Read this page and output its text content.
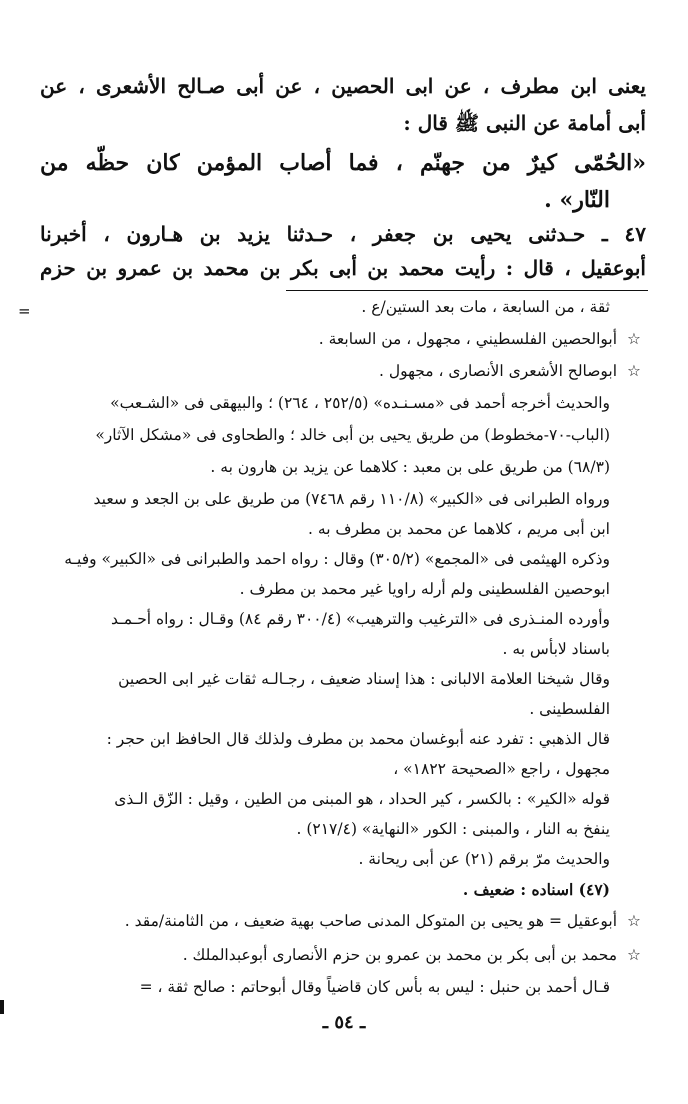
يعنى ابن مطرف ، عن ابى الحصين ، عن أبى صـالح الأشعرى ، عن
أبى أمامة عن النبى ﷺ قال :
«الحُمّى كيرٌ من جهنّم ، فما أصاب المؤمن كان حظّه من
النّار» .
٤٧ ـ حـدثنى يحيى بن جعفر ، حـدثنا يزيد بن هـارون ، أخبرنا
أبوعقيل ، قال : رأيت محمد بن أبى بكر بن محمد بن عمرو بن حزم
=	ثقة ، من السابعة ، مات بعد الستين/ع .
☆ أبوالحصين الفلسطيني ، مجهول ، من السابعة .
☆ ابوصالح الأشعرى الأنصارى ، مجهول .
والحديث أخرجه أحمد فى «مسـنـده» (٢٥٢/٥ ، ٢٦٤) ؛ والبيهقى فى «الشـعب»
(الباب-٧٠-مخطوط) من طريق يحيى بن أبى خالد ؛ والطحاوى فى «مشكل الآثار»
(٦٨/٣) من طريق على بن معبد : كلاهما عن يزيد بن هارون به .
ورواه الطبرانى فى «الكبير» (١١٠/٨ رقم ٧٤٦٨) من طريق على بن الجعد و سعيد
ابن أبى مريم ، كلاهما عن محمد بن مطرف به .
وذكره الهيثمى فى «المجمع» (٣٠٥/٢) وقال : رواه احمد والطبرانى فى «الكبير» وفيـه
ابوحصين الفلسطينى ولم أرله راويا غير محمد بن مطرف .
وأورده المنـذرى فى «الترغيب والترهيب» (٣٠٠/٤ رقم ٨٤) وقـال : رواه أحـمـد
باسناد لابأس به .
وقال شيخنا العلامة الالبانى : هذا إسناد ضعيف ، رجـالـه ثقات غير ابى الحصين
الفلسطينى .
قال الذهبي : تفرد عنه أبوغسان محمد بن مطرف ولذلك قال الحافظ ابن حجر :
مجهول ، راجع «الصحيحة ١٨٢٢» ،
قوله «الكير» : بالكسر ، كير الحداد ، هو المبنى من الطين ، وقيل : الزّق الـذى
ينفخ به النار ، والمبنى : الكور «النهاية» (٢١٧/٤) .
والحديث مرّ برقم (٢١) عن أبى ريحانة .
(٤٧) اسناده : ضعيف .
☆ أبوعقيل = هو يحيى بن المتوكل المدنى صاحب بهية ضعيف ، من الثامنة/مقد .
☆ محمد بن أبى بكر بن محمد بن عمرو بن حزم الأنصارى أبوعبدالملك .
قـال أحمد بن حنبل : ليس به بأس كان قاضياً وقال أبوحاتم : صالح ثقة ، =
ـ ٥٤ ـ
